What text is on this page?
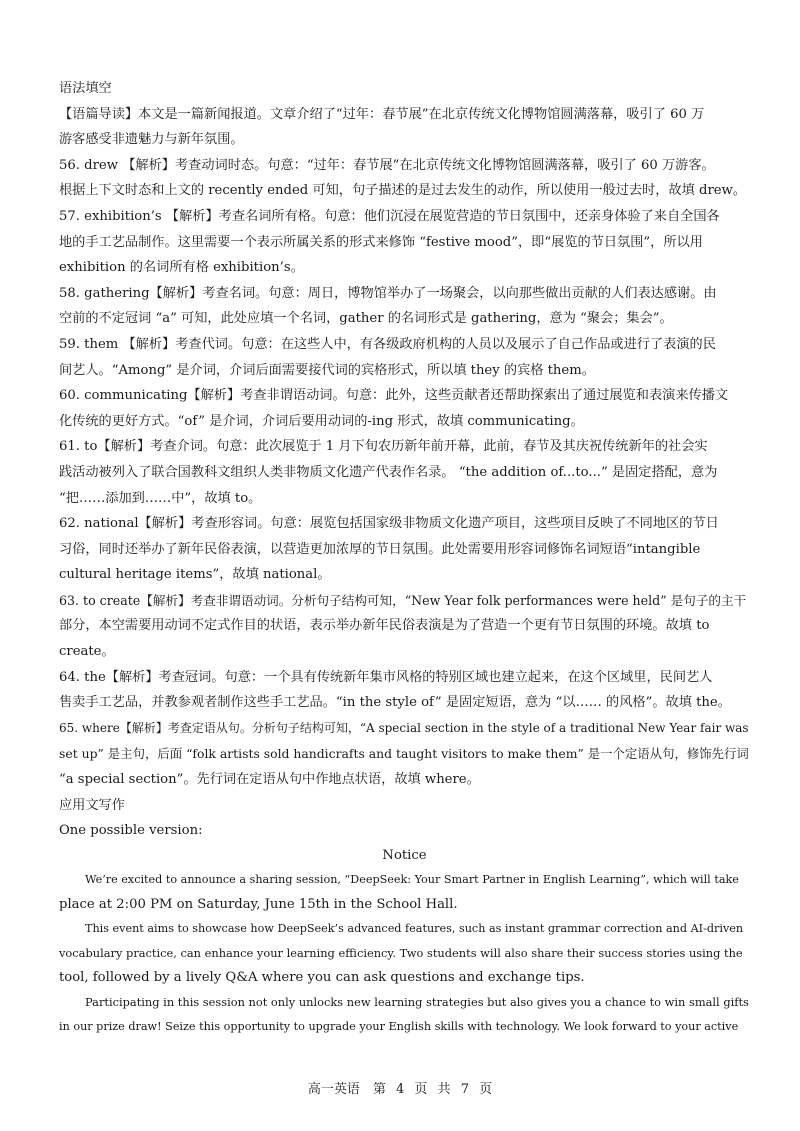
语法填空
【语篇导读】本文是一篇新闻报道。文章介绍了“过年：春节展”在北京传统文化博物馆圆满落幕，吸引了 60 万
游客感受非遗魅力与新年氛围。
56. drew 【解析】考查动词时态。句意：“过年：春节展”在北京传统文化博物馆圆满落幕，吸引了 60 万游客。
根据上下文时态和上文的 recently ended 可知，句子描述的是过去发生的动作，所以使用一般过去时，故填 drew。
57. exhibition’s 【解析】考查名词所有格。句意：他们沉浸在展览营造的节日氛围中，还亲身体验了来自全国各
地的手工艺品制作。这里需要一个表示所属关系的形式来修饰 “festive mood”，即“展览的节日氛围”，所以用
exhibition 的名词所有格 exhibition’s。
58. gathering【解析】考查名词。句意：周日，博物馆举办了一场聚会，以向那些做出贡献的人们表达感谢。由
空前的不定冠词 “a” 可知，此处应填一个名词，gather 的名词形式是 gathering，意为 “聚会；集会”。
59. them 【解析】考查代词。句意：在这些人中，有各级政府机构的人员以及展示了自己作品或进行了表演的民
间艺人。“Among” 是介词，介词后面需要接代词的宾格形式，所以填 they 的宾格 them。
60. communicating【解析】考查非谓语动词。句意：此外，这些贡献者还帮助探索出了通过展览和表演来传播文
化传统的更好方式。“of” 是介词，介词后要用动词的-ing 形式，故填 communicating。
61. to【解析】考查介词。句意：此次展览于 1 月下旬农历新年前开幕，此前，春节及其庆祝传统新年的社会实
践活动被列入了联合国教科文组织人类非物质文化遗产代表作名录。 “the addition of...to...” 是固定搭配，意为
“把……添加到……中”，故填 to。
62. national【解析】考查形容词。句意：展览包括国家级非物质文化遗产项目，这些项目反映了不同地区的节日
习俗，同时还举办了新年民俗表演，以营造更加浓厚的节日氛围。此处需要用形容词修饰名词短语“intangible
cultural heritage items”，故填 national。
63. to create【解析】考查非谓语动词。分析句子结构可知，“New Year folk performances were held” 是句子的主干
部分，本空需要用动词不定式作目的状语，表示举办新年民俗表演是为了营造一个更有节日氛围的环境。故填 to
create。
64. the【解析】考查冠词。句意：一个具有传统新年集市风格的特别区域也建立起来，在这个区域里，民间艺人
售卖手工艺品，并教参观者制作这些手工艺品。“in the style of” 是固定短语，意为 “以…… 的风格”。故填 the。
65. where【解析】考查定语从句。分析句子结构可知，“A special section in the style of a traditional New Year fair was
set up” 是主句，后面 “folk artists sold handicrafts and taught visitors to make them” 是一个定语从句，修饰先行词
“a special section”。先行词在定语从句中作地点状语，故填 where。
应用文写作
One possible version:
Notice
We’re excited to announce a sharing session, “DeepSeek: Your Smart Partner in English Learning”, which will take
place at 2:00 PM on Saturday, June 15th in the School Hall.
This event aims to showcase how DeepSeek’s advanced features, such as instant grammar correction and AI-driven
vocabulary practice, can enhance your learning efficiency. Two students will also share their success stories using the
tool, followed by a lively Q&A where you can ask questions and exchange tips.
Participating in this session not only unlocks new learning strategies but also gives you a chance to win small gifts
in our prize draw! Seize this opportunity to upgrade your English skills with technology. We look forward to your active
高一英语　第 4 页 共 7 页
